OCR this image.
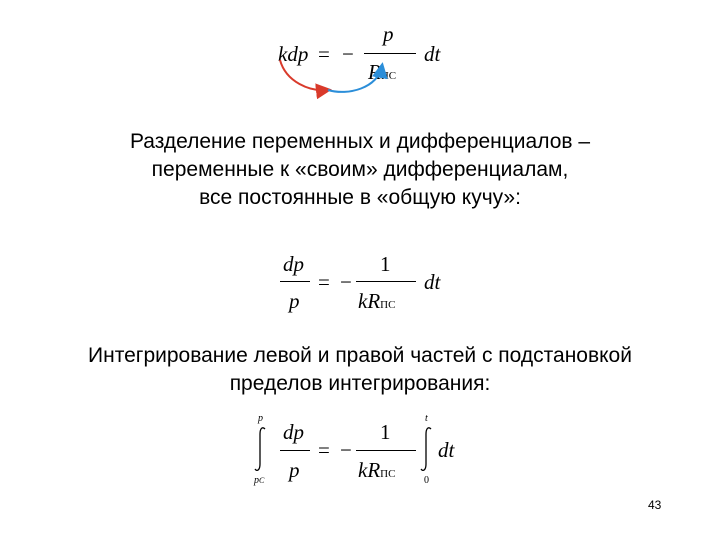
kdp = −
p
RПС
dt
Разделение переменных и дифференциалов –
переменные к «своим» дифференциалам,
все постоянные в «общую кучу»:
dp
p
= −
1
kRПС
dt
Интегрирование левой и правой частей с подстановкой
пределов интегрирования:
p
pC
dp
p
= −
1
kRПС
t
0
dt
43
